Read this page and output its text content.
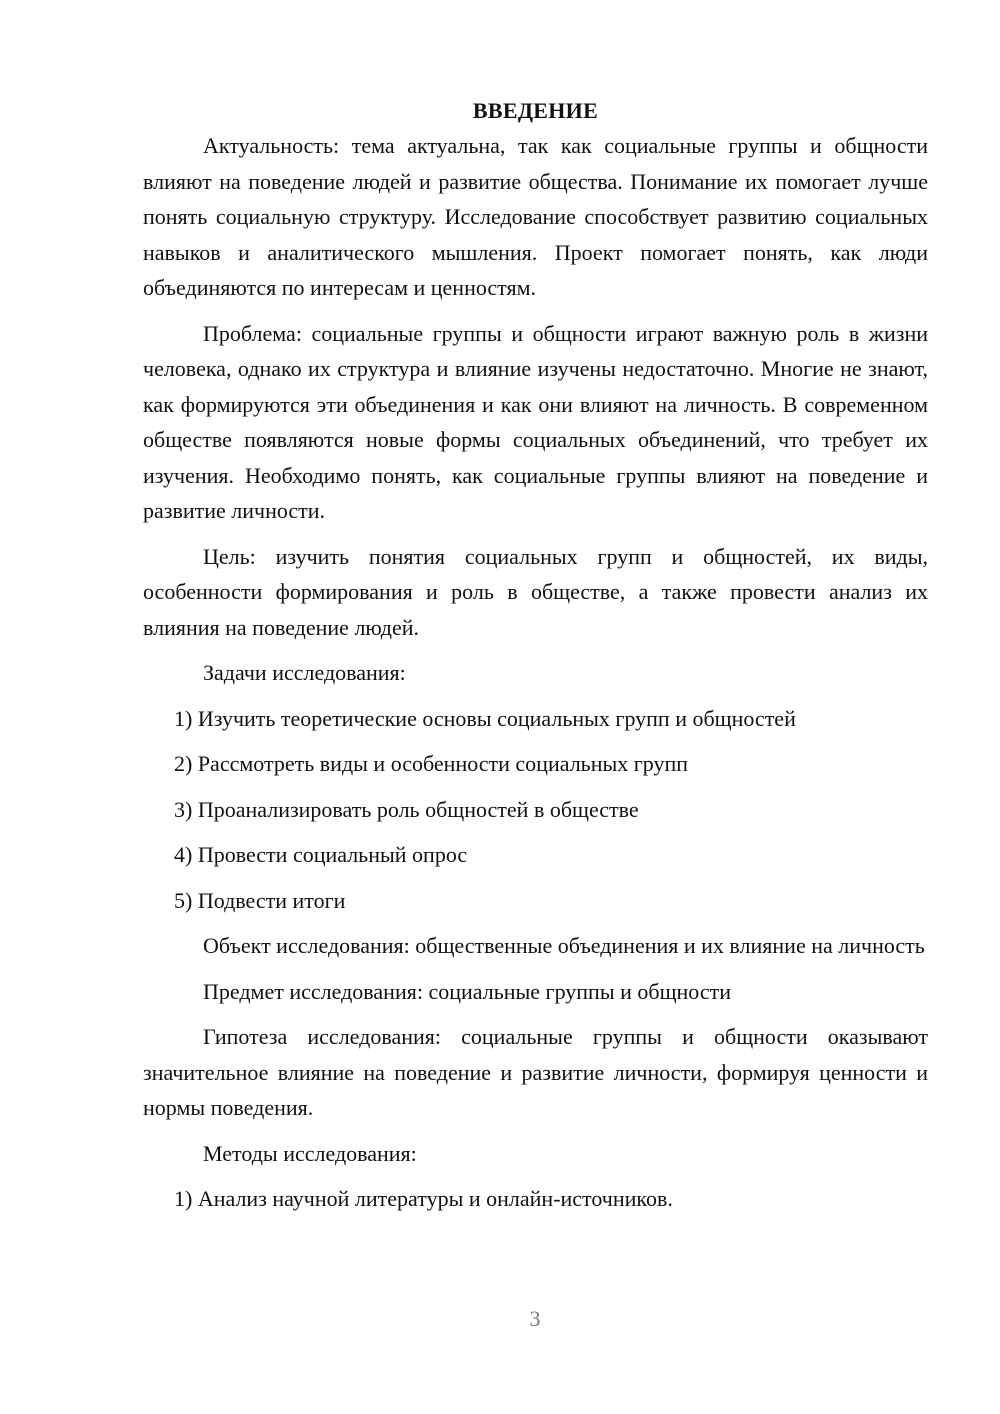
ВВЕДЕНИЕ

Актуальность: тема актуальна, так как социальные группы и общности влияют на поведение людей и развитие общества. Понимание их помогает лучше понять социальную структуру. Исследование способствует развитию социальных навыков и аналитического мышления. Проект помогает понять, как люди объединяются по интересам и ценностям.

Проблема: социальные группы и общности играют важную роль в жизни человека, однако их структура и влияние изучены недостаточно. Многие не знают, как формируются эти объединения и как они влияют на личность. В современном обществе появляются новые формы социальных объединений, что требует их изучения. Необходимо понять, как социальные группы влияют на поведение и развитие личности.

Цель: изучить понятия социальных групп и общностей, их виды, особенности формирования и роль в обществе, а также провести анализ их влияния на поведение людей.

Задачи исследования:

1) Изучить теоретические основы социальных групп и общностей
2) Рассмотреть виды и особенности социальных групп
3) Проанализировать роль общностей в обществе
4) Провести социальный опрос
5) Подвести итоги

Объект исследования: общественные объединения и их влияние на личность

Предмет исследования: социальные группы и общности

Гипотеза исследования: социальные группы и общности оказывают значительное влияние на поведение и развитие личности, формируя ценности и нормы поведения.

Методы исследования:

1) Анализ научной литературы и онлайн-источников.
3
